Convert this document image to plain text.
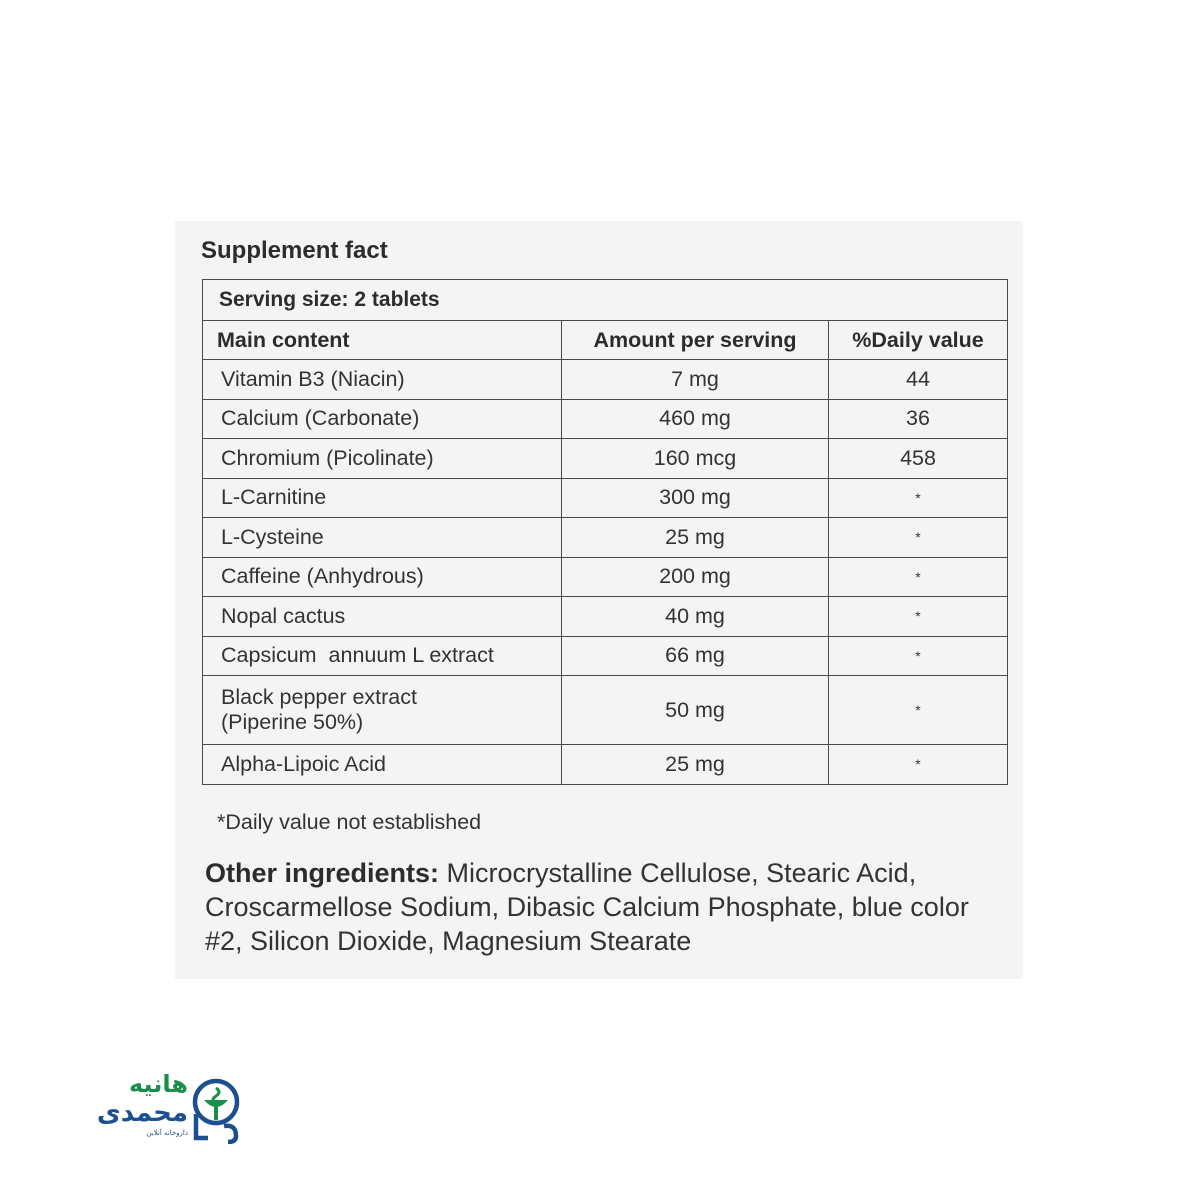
Supplement fact
Serving size: 2 tablets		
Main content	Amount per serving	%Daily value
Vitamin B3 (Niacin)	7 mg	44
Calcium (Carbonate)	460 mg	36
Chromium (Picolinate)	160 mcg	458
L-Carnitine	300 mg	*
L-Cysteine	25 mg	*
Caffeine (Anhydrous)	200 mg	*
Nopal cactus	40 mg	*
Capsicum  annuum L extract	66 mg	*
Black pepper extract
(Piperine 50%)	50 mg	*
Alpha-Lipoic Acid	25 mg	*
*Daily value not established

Other ingredients: Microcrystalline Cellulose, Stearic Acid, Croscarmellose Sodium, Dibasic Calcium Phosphate, blue color #2, Silicon Dioxide, Magnesium Stearate

هانیه
محمدی
داروخانه آنلاین
